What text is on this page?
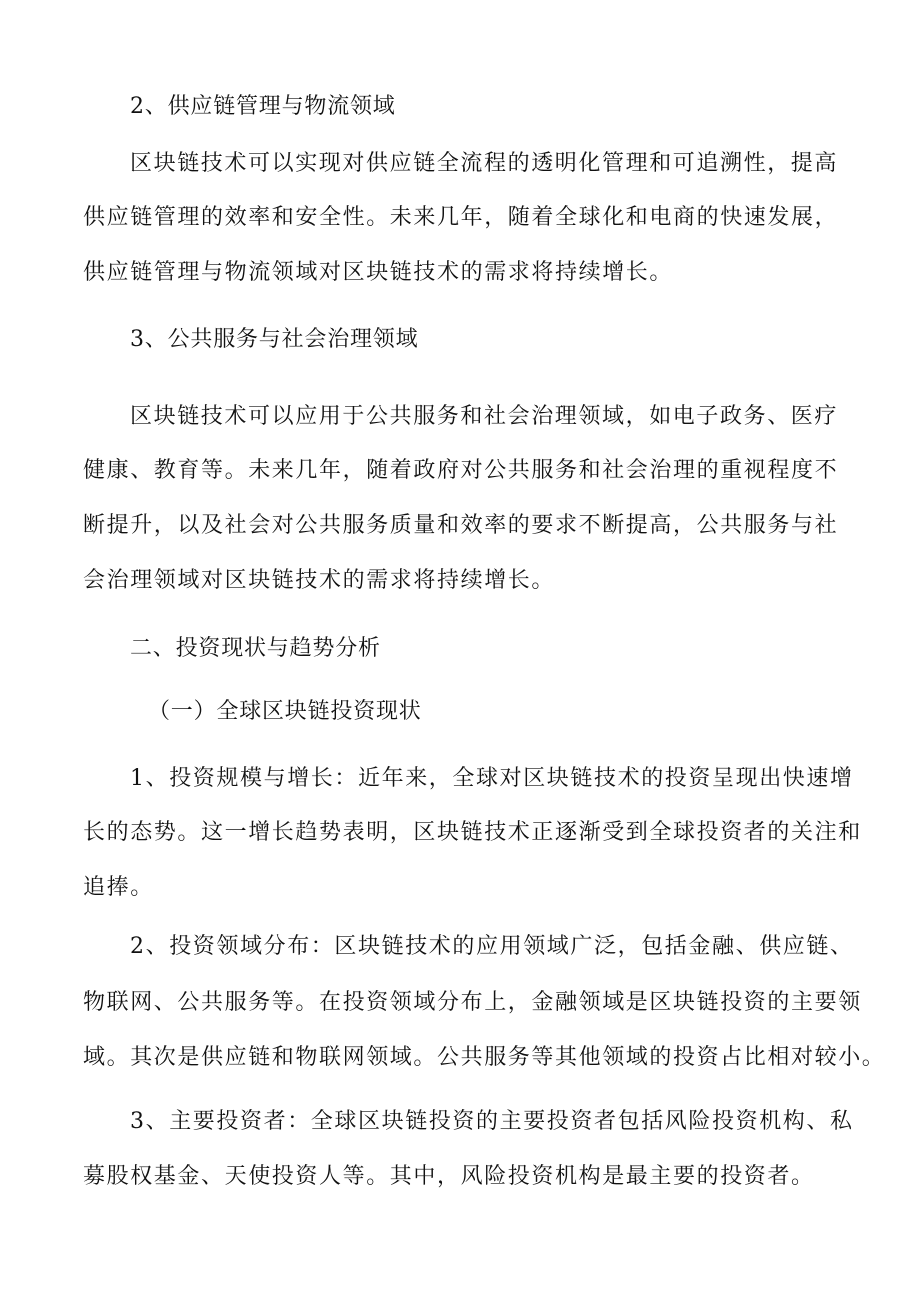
2、供应链管理与物流领域
区块链技术可以实现对供应链全流程的透明化管理和可追溯性，提高
供应链管理的效率和安全性。未来几年，随着全球化和电商的快速发展，
供应链管理与物流领域对区块链技术的需求将持续增长。
3、公共服务与社会治理领域
区块链技术可以应用于公共服务和社会治理领域，如电子政务、医疗
健康、教育等。未来几年，随着政府对公共服务和社会治理的重视程度不
断提升，以及社会对公共服务质量和效率的要求不断提高，公共服务与社
会治理领域对区块链技术的需求将持续增长。
二、投资现状与趋势分析
（一）全球区块链投资现状
1、投资规模与增长：近年来，全球对区块链技术的投资呈现出快速增
长的态势。这一增长趋势表明，区块链技术正逐渐受到全球投资者的关注和
追捧。
2、投资领域分布：区块链技术的应用领域广泛，包括金融、供应链、
物联网、公共服务等。在投资领域分布上，金融领域是区块链投资的主要领
域。其次是供应链和物联网领域。公共服务等其他领域的投资占比相对较小。
3、主要投资者：全球区块链投资的主要投资者包括风险投资机构、私
募股权基金、天使投资人等。其中，风险投资机构是最主要的投资者。
